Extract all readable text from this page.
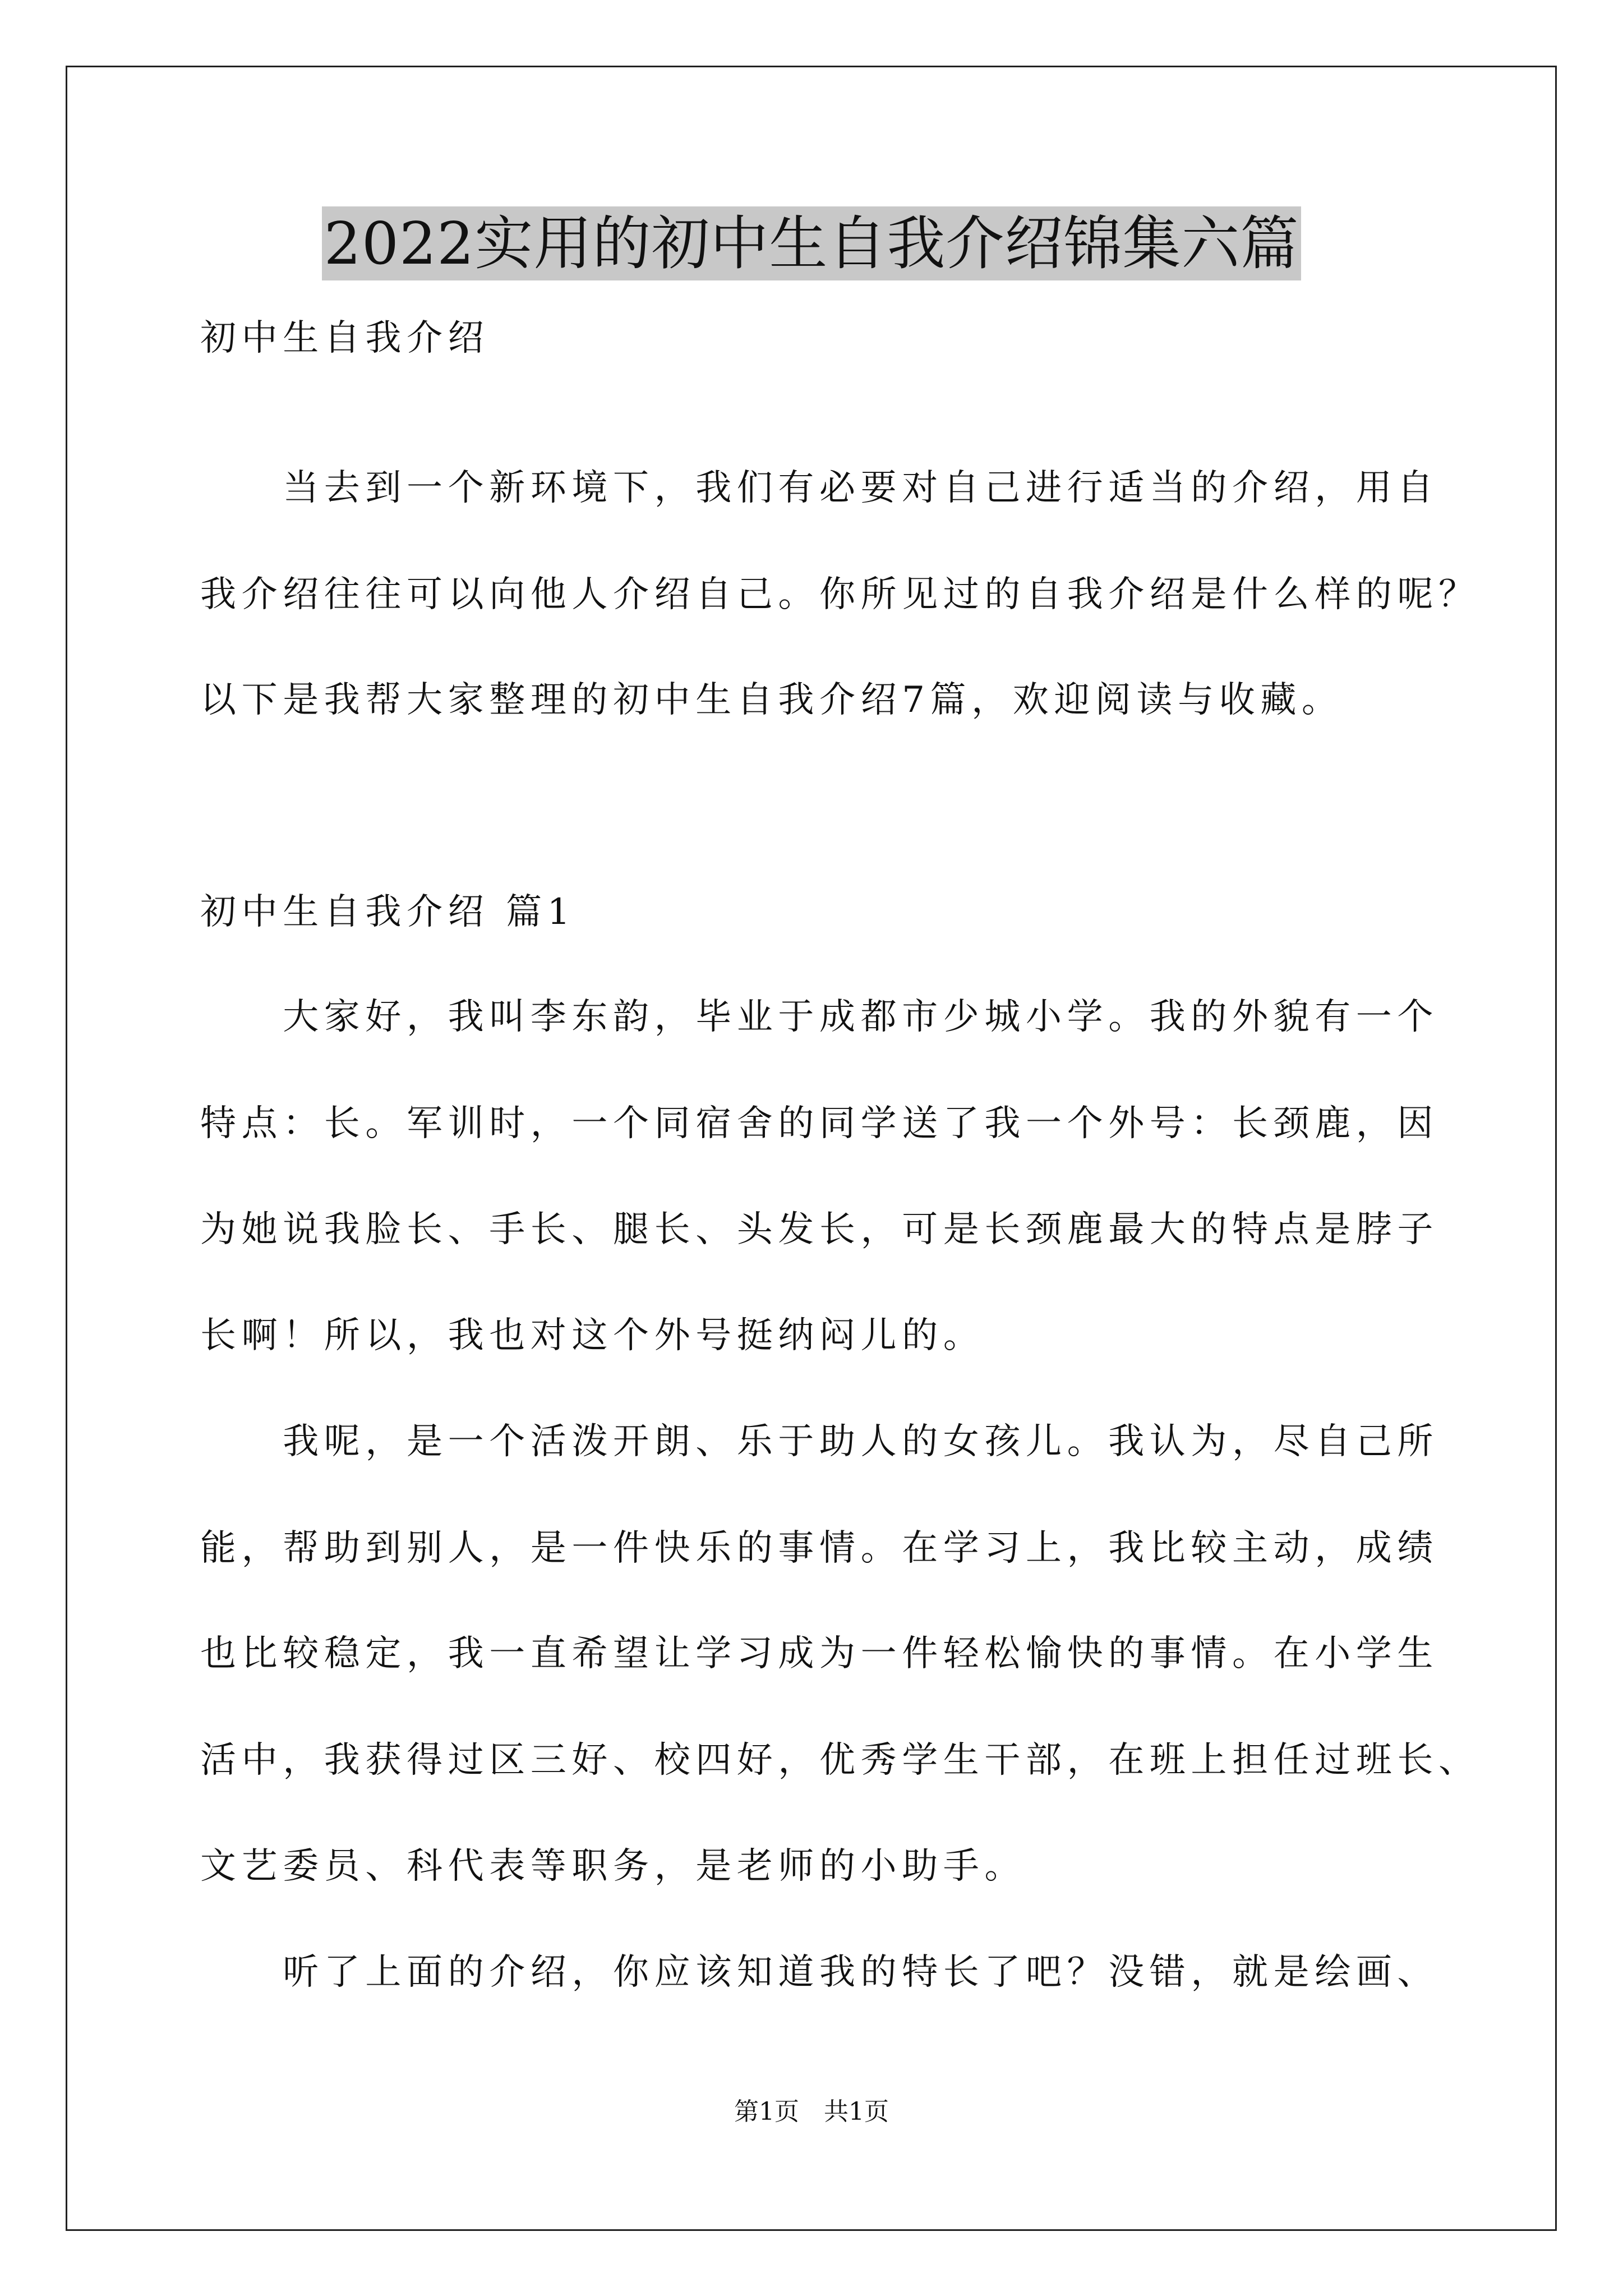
2022实用的初中生自我介绍锦集六篇
初中生自我介绍
　　当去到一个新环境下，我们有必要对自己进行适当的介绍，用自
我介绍往往可以向他人介绍自己。你所见过的自我介绍是什么样的呢？
以下是我帮大家整理的初中生自我介绍7篇，欢迎阅读与收藏。
初中生自我介绍 篇1
　　大家好，我叫李东韵，毕业于成都市少城小学。我的外貌有一个
特点：长。军训时，一个同宿舍的同学送了我一个外号：长颈鹿，因
为她说我脸长、手长、腿长、头发长，可是长颈鹿最大的特点是脖子
长啊！所以，我也对这个外号挺纳闷儿的。
　　我呢，是一个活泼开朗、乐于助人的女孩儿。我认为，尽自己所
能，帮助到别人，是一件快乐的事情。在学习上，我比较主动，成绩
也比较稳定，我一直希望让学习成为一件轻松愉快的事情。在小学生
活中，我获得过区三好、校四好，优秀学生干部，在班上担任过班长、
文艺委员、科代表等职务，是老师的小助手。
　　听了上面的介绍，你应该知道我的特长了吧？没错，就是绘画、
第1页　共1页
